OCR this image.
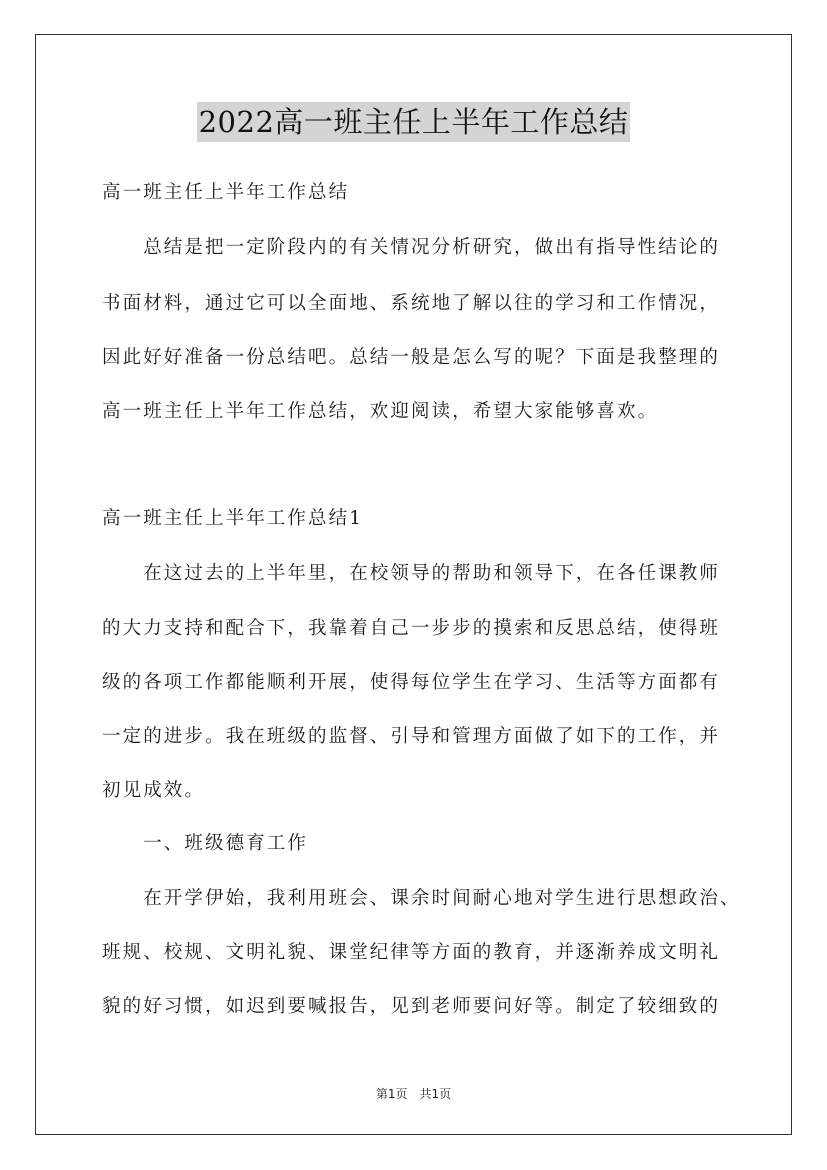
2022高一班主任上半年工作总结
高一班主任上半年工作总结
　　总结是把一定阶段内的有关情况分析研究，做出有指导性结论的
书面材料，通过它可以全面地、系统地了解以往的学习和工作情况，
因此好好准备一份总结吧。总结一般是怎么写的呢？下面是我整理的
高一班主任上半年工作总结，欢迎阅读，希望大家能够喜欢。
高一班主任上半年工作总结1
　　在这过去的上半年里，在校领导的帮助和领导下，在各任课教师
的大力支持和配合下，我靠着自己一步步的摸索和反思总结，使得班
级的各项工作都能顺利开展，使得每位学生在学习、生活等方面都有
一定的进步。我在班级的监督、引导和管理方面做了如下的工作，并
初见成效。
　　一、班级德育工作
　　在开学伊始，我利用班会、课余时间耐心地对学生进行思想政治、
班规、校规、文明礼貌、课堂纪律等方面的教育，并逐渐养成文明礼
貌的好习惯，如迟到要喊报告，见到老师要问好等。制定了较细致的
第1页　共1页
